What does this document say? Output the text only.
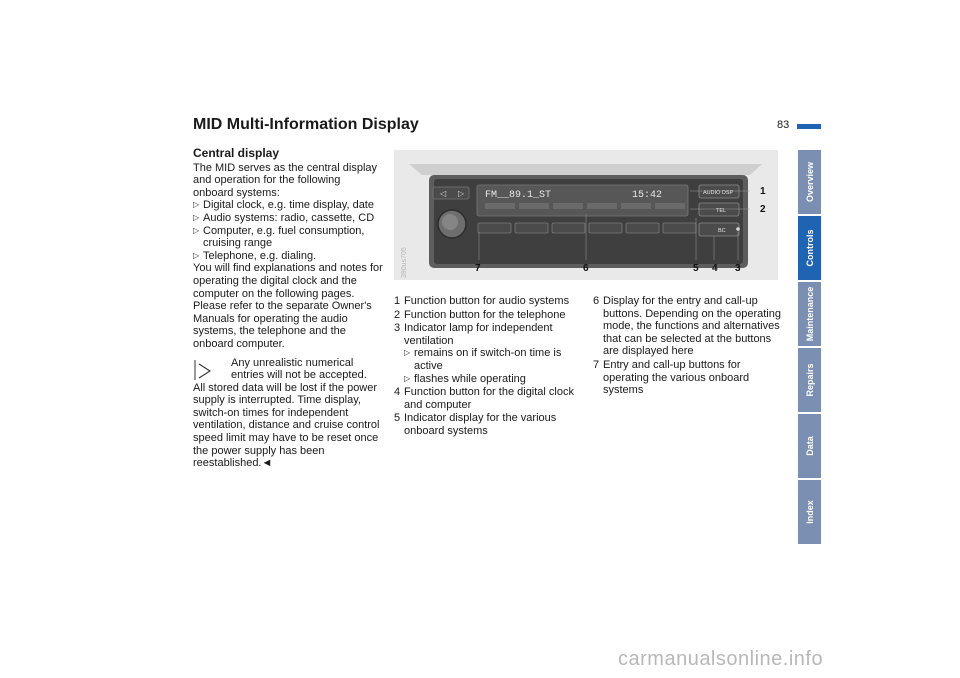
MID Multi-Information Display	83
Central display

The MID serves as the central display and operation for the following onboard systems:

▷ Digital clock, e.g. time display, date
▷ Audio systems: radio, cassette, CD
▷ Computer, e.g. fuel consumption, cruising range
▷ Telephone, e.g. dialing.

You will find explanations and notes for operating the digital clock and the computer on the following pages. Please refer to the separate Owner's Manuals for operating the audio systems, the telephone and the onboard computer.

Any unrealistic numerical entries will not be accepted.

All stored data will be lost if the power supply is interrupted. Time display, switch-on times for independent ventilation, distance and cruise control speed limit may have to be reset once the power supply has been reestablished.◄

◁ ▷ FM__89.1_ST	15:42	AUDIO DSP
TEL
BC
1
2
3
4
5
6
7
390us705
1 Function button for audio systems
2 Function button for the telephone
3 Indicator lamp for independent ventilation
▷ remains on if switch-on time is active
▷ flashes while operating
4 Function button for the digital clock and computer
5 Indicator display for the various onboard systems
6 Display for the entry and call-up buttons. Depending on the operating mode, the functions and alternatives that can be selected at the buttons are displayed here
7 Entry and call-up buttons for operating the various onboard systems
Overview
Controls
Maintenance
Repairs
Data
Index
carmanualsonline.info
